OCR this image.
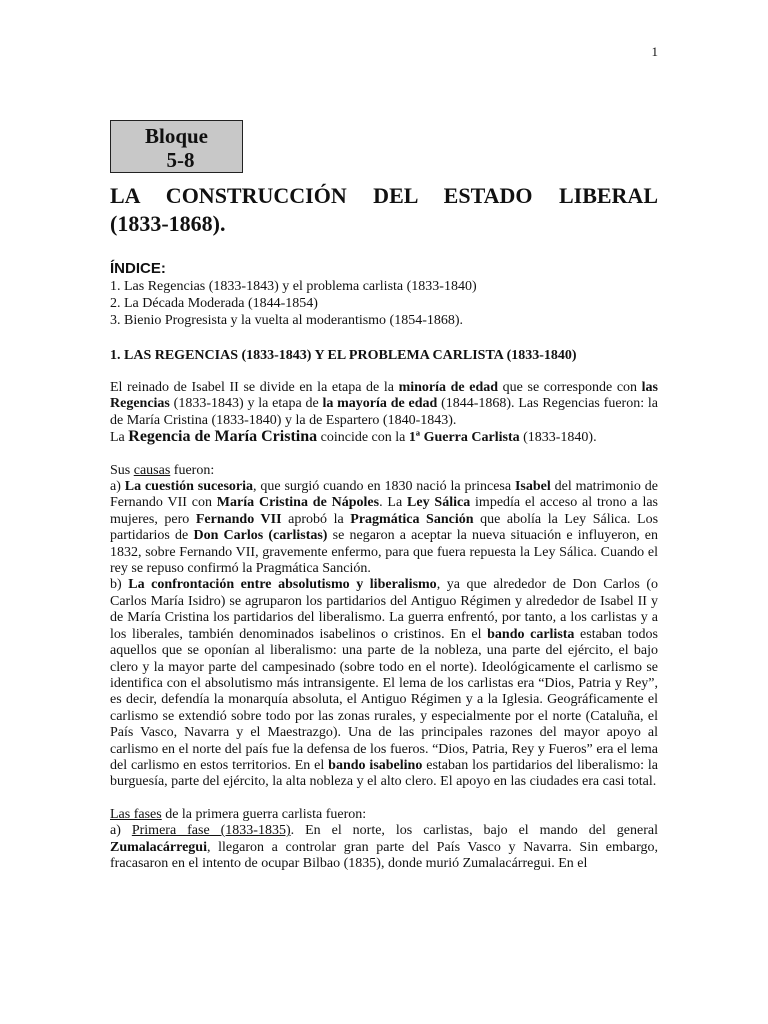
1
Bloque
5-8
LA CONSTRUCCIÓN DEL ESTADO LIBERAL
(1833-1868).
ÍNDICE:
1. Las Regencias (1833-1843) y el problema carlista (1833-1840)
2. La Década Moderada (1844-1854)
3. Bienio Progresista y la vuelta al moderantismo (1854-1868).
1. LAS REGENCIAS (1833-1843) Y EL PROBLEMA CARLISTA (1833-1840)

El reinado de Isabel II se divide en la etapa de la minoría de edad que se corresponde con las Regencias (1833-1843) y la etapa de la mayoría de edad (1844-1868). Las Regencias fueron: la de María Cristina (1833-1840) y la de Espartero (1840-1843).

La Regencia de María Cristina coincide con la 1ª Guerra Carlista (1833-1840).

Sus causas fueron:

a) La cuestión sucesoria, que surgió cuando en 1830 nació la princesa Isabel del matrimonio de Fernando VII con María Cristina de Nápoles. La Ley Sálica impedía el acceso al trono a las mujeres, pero Fernando VII aprobó la Pragmática Sanción que abolía la Ley Sálica. Los partidarios de Don Carlos (carlistas) se negaron a aceptar la nueva situación e influyeron, en 1832, sobre Fernando VII, gravemente enfermo, para que fuera repuesta la Ley Sálica. Cuando el rey se repuso confirmó la Pragmática Sanción.

b) La confrontación entre absolutismo y liberalismo, ya que alrededor de Don Carlos (o Carlos María Isidro) se agruparon los partidarios del Antiguo Régimen y alrededor de Isabel II y de María Cristina los partidarios del liberalismo. La guerra enfrentó, por tanto, a los carlistas y a los liberales, también denominados isabelinos o cristinos. En el bando carlista estaban todos aquellos que se oponían al liberalismo: una parte de la nobleza, una parte del ejército, el bajo clero y la mayor parte del campesinado (sobre todo en el norte). Ideológicamente el carlismo se identifica con el absolutismo más intransigente. El lema de los carlistas era “Dios, Patria y Rey”, es decir, defendía la monarquía absoluta, el Antiguo Régimen y a la Iglesia. Geográficamente el carlismo se extendió sobre todo por las zonas rurales, y especialmente por el norte (Cataluña, el País Vasco, Navarra y el Maestrazgo). Una de las principales razones del mayor apoyo al carlismo en el norte del país fue la defensa de los fueros. “Dios, Patria, Rey y Fueros” era el lema del carlismo en estos territorios. En el bando isabelino estaban los partidarios del liberalismo: la burguesía, parte del ejército, la alta nobleza y el alto clero. El apoyo en las ciudades era casi total.

Las fases de la primera guerra carlista fueron:

a) Primera fase (1833-1835). En el norte, los carlistas, bajo el mando del general Zumalacárregui, llegaron a controlar gran parte del País Vasco y Navarra. Sin embargo, fracasaron en el intento de ocupar Bilbao (1835), donde murió Zumalacárregui. En el
